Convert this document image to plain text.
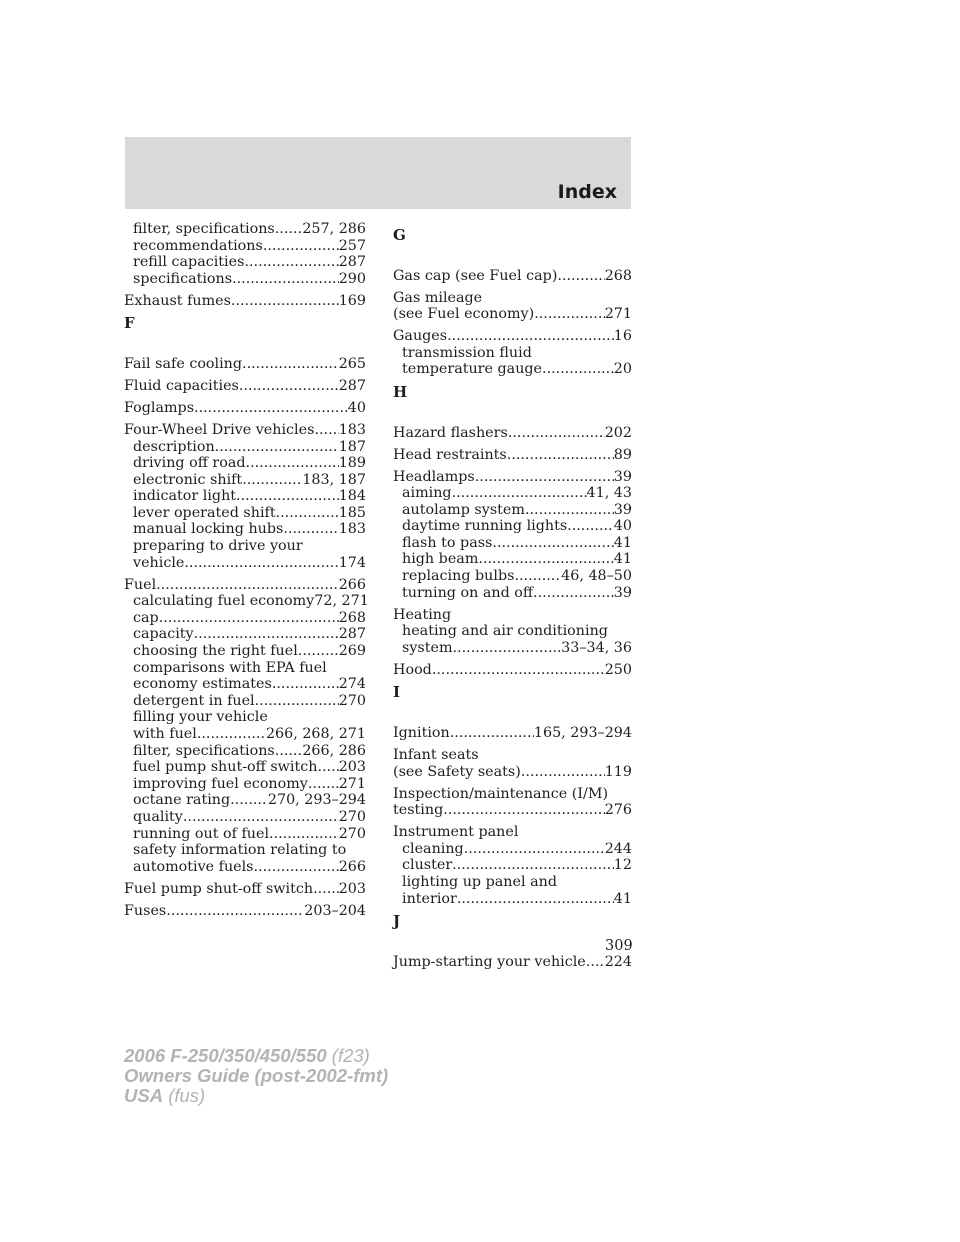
Index
filter, specifications ..... 257, 286
recommendations .....	257
refill capacities .....	287
specifications .....	290
Exhaust fumes .....	169
F
Fail safe cooling .....	265
Fluid capacities .....	287
Foglamps .....	40
Four-Wheel Drive vehicles ..... 183
description .....	187
driving off road .....	189
electronic shift .....	183, 187
indicator light .....	184
lever operated shift .....	185
manual locking hubs .....	183
preparing to drive your
vehicle .....	174
Fuel .....	266
calculating fuel economy 72, 271
cap .....	268
capacity .....	287
choosing the right fuel .....	269
comparisons with EPA fuel
economy estimates .....	274
detergent in fuel .....	270
filling your vehicle
with fuel .....	266, 268, 271
filter, specifications ..... 266, 286
fuel pump shut-off switch ..... 203
improving fuel economy ..... 271
octane rating .....	270, 293–294
quality .....	270
running out of fuel .....	270
safety information relating to
automotive fuels .....	266
Fuel pump shut-off switch ..... 203
Fuses .....	203–204
G
Gas cap (see Fuel cap) .....	268
Gas mileage
(see Fuel economy) .....	271
Gauges .....	16
transmission fluid
temperature gauge .....	20
H
Hazard flashers .....	202
Head restraints .....	89
Headlamps .....	39
aiming .....	41, 43
autolamp system .....	39
daytime running lights .....	40
flash to pass .....	41
high beam .....	41
replacing bulbs .....	46, 48–50
turning on and off .....	39
Heating
heating and air conditioning
system .....	33–34, 36
Hood .....	250
I
Ignition .....	165, 293–294
Infant seats
(see Safety seats) .....	119
Inspection/maintenance (I/M)
testing .....	276
Instrument panel
cleaning .....	244
cluster .....	12
lighting up panel and
interior .....	41
J
Jump-starting your vehicle ..... 224
309
2006 F-250/350/450/550 (f23)
Owners Guide (post-2002-fmt)
USA (fus)
